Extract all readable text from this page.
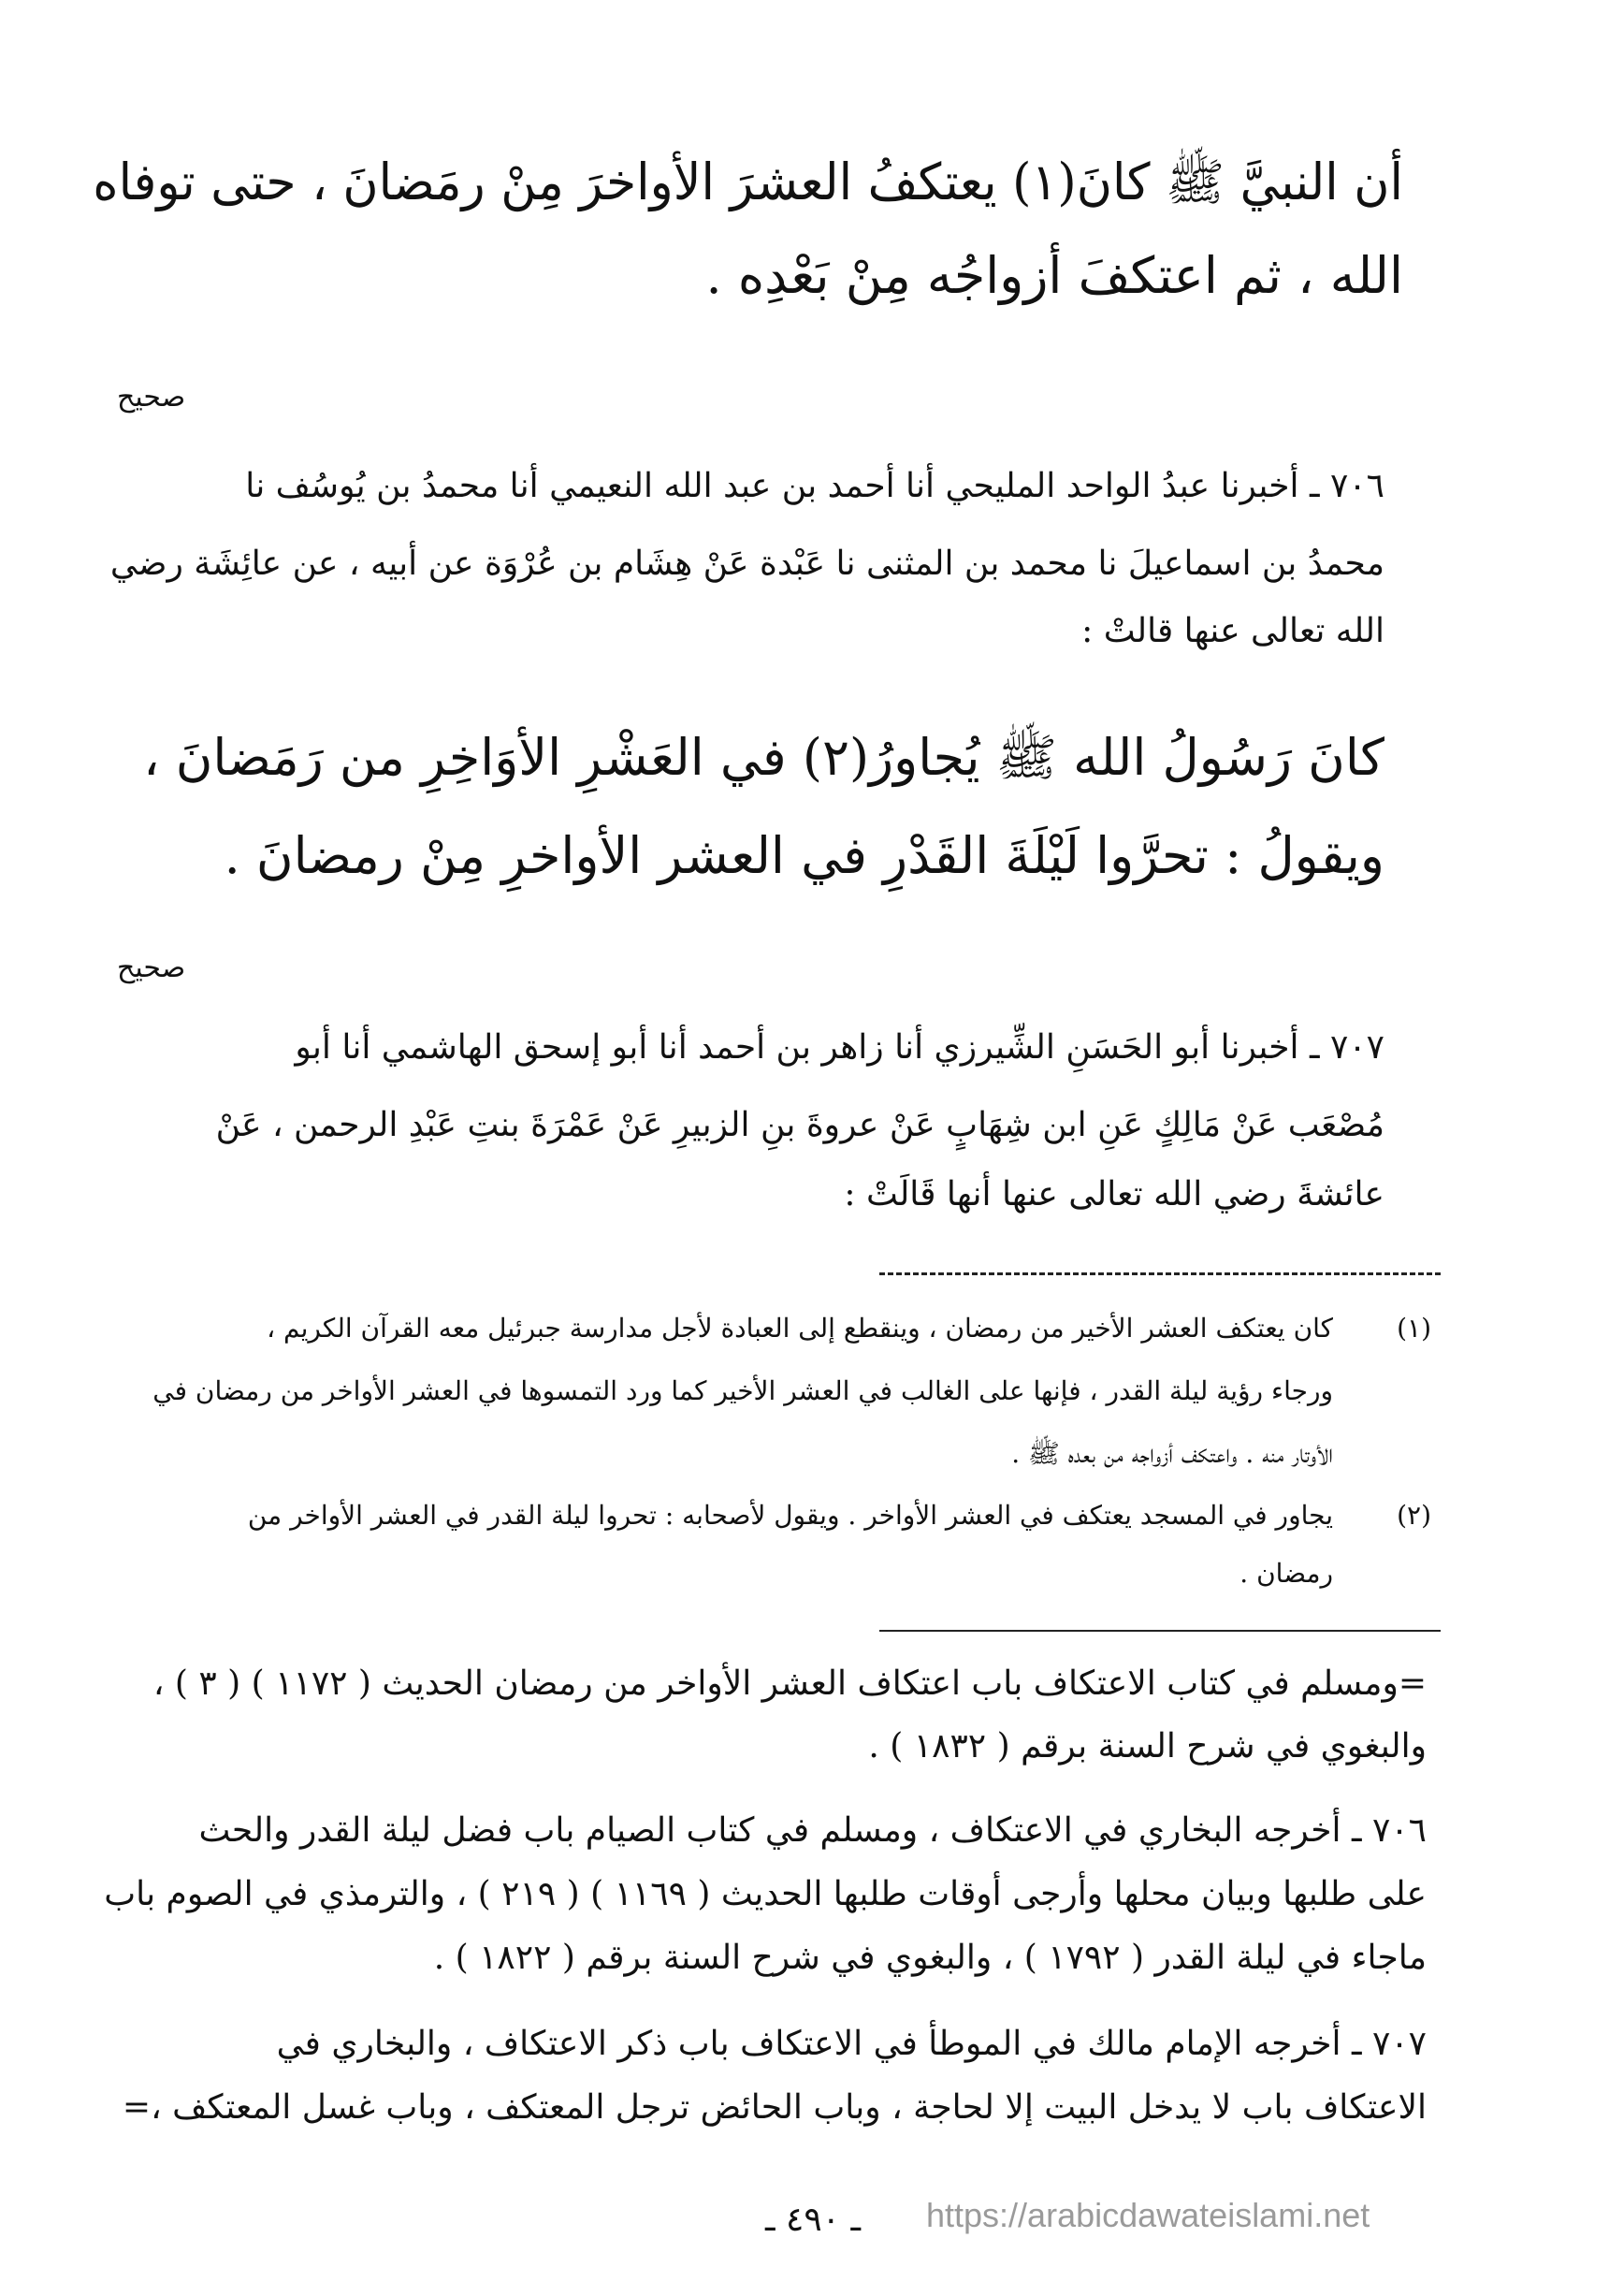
أن النبيَّ ﷺ كانَ(١) يعتكفُ العشرَ الأواخرَ مِنْ رمَضانَ ، حتى توفاه
الله ، ثم اعتكفَ أزواجُه مِنْ بَعْدِه .
صحيح
٧٠٦ ـ أخبرنا عبدُ الواحد المليحي أنا أحمد بن عبد الله النعيمي أنا محمدُ بن يُوسُف نا
محمدُ بن اسماعيلَ نا محمد بن المثنى نا عَبْدة عَنْ هِشَام بن عُرْوَة عن أبيه ، عن عائِشَة رضي
الله تعالى عنها قالتْ :
كانَ رَسُولُ الله ﷺ يُجاورُ(٢) في العَشْرِ الأوَاخِرِ من رَمَضانَ ،
ويقولُ : تحرَّوا لَيْلَةَ القَدْرِ في العشر الأواخرِ مِنْ رمضانَ .
صحيح
٧٠٧ ـ أخبرنا أبو الحَسَنِ الشِّيرزي أنا زاهر بن أحمد أنا أبو إسحق الهاشمي أنا أبو
مُصْعَب عَنْ مَالِكٍ عَنِ ابن شِهَابٍ عَنْ عروةَ بنِ الزبيرِ عَنْ عَمْرَةَ بنتِ عَبْدِ الرحمن ، عَنْ
عائشةَ رضي الله تعالى عنها أنها قَالَتْ :
(١)
كان يعتكف العشر الأخير من رمضان ، وينقطع إلى العبادة لأجل مدارسة جبرئيل معه القرآن الكريم ،
ورجاء رؤية ليلة القدر ، فإنها على الغالب في العشر الأخير كما ورد التمسوها في العشر الأواخر من رمضان في
الأوتار منه . واعتكف أزواجه من بعده ﷺ .
(٢)
يجاور في المسجد يعتكف في العشر الأواخر . ويقول لأصحابه : تحروا ليلة القدر في العشر الأواخر من
رمضان .
=ومسلم في كتاب الاعتكاف باب اعتكاف العشر الأواخر من رمضان الحديث ( ١١٧٢ ) ( ٣ ) ،
والبغوي في شرح السنة برقم ( ١٨٣٢ ) .
٧٠٦ ـ أخرجه البخاري في الاعتكاف ، ومسلم في كتاب الصيام باب فضل ليلة القدر والحث
على طلبها وبيان محلها وأرجى أوقات طلبها الحديث ( ١١٦٩ ) ( ٢١٩ ) ، والترمذي في الصوم باب
ماجاء في ليلة القدر ( ١٧٩٢ ) ، والبغوي في شرح السنة برقم ( ١٨٢٢ ) .
٧٠٧ ـ أخرجه الإمام مالك في الموطأ في الاعتكاف باب ذكر الاعتكاف ، والبخاري في
الاعتكاف باب لا يدخل البيت إلا لحاجة ، وباب الحائض ترجل المعتكف ، وباب غسل المعتكف ،=
ـ ٤٩٠ ـ https://arabicdawateislami.net
